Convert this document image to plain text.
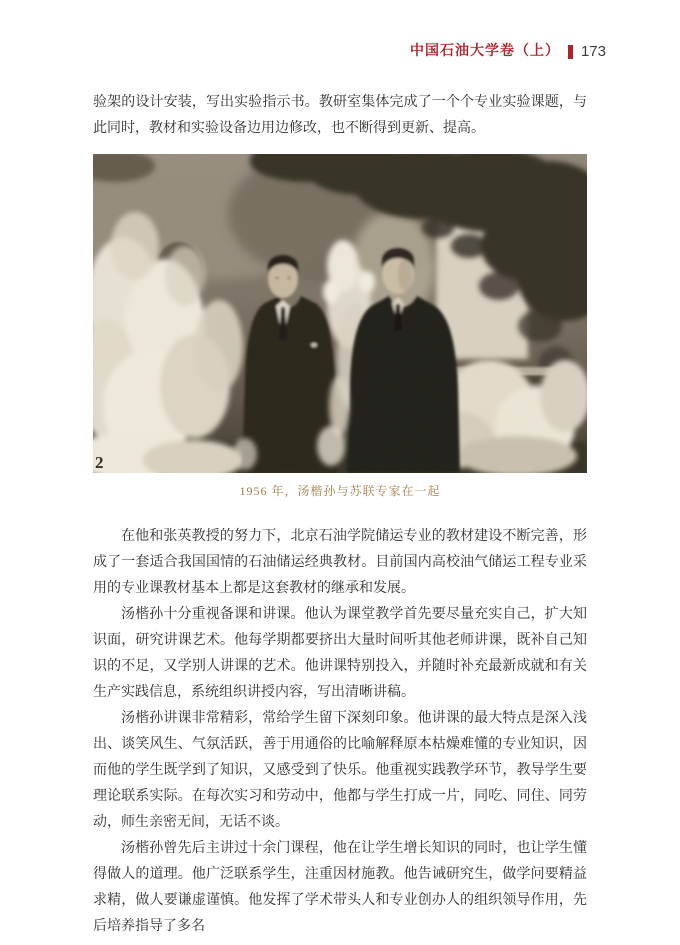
中国石油大学卷（上） 173

验架的设计安装，写出实验指示书。教研室集体完成了一个个专业实验课题，与此同时，教材和实验设备边用边修改，也不断得到更新、提高。

2
1956 年，汤楷孙与苏联专家在一起

在他和张英教授的努力下，北京石油学院储运专业的教材建设不断完善，形成了一套适合我国国情的石油储运经典教材。目前国内高校油气储运工程专业采用的专业课教材基本上都是这套教材的继承和发展。

汤楷孙十分重视备课和讲课。他认为课堂教学首先要尽量充实自己，扩大知识面，研究讲课艺术。他每学期都要挤出大量时间听其他老师讲课，既补自己知识的不足，又学别人讲课的艺术。他讲课特别投入，并随时补充最新成就和有关生产实践信息，系统组织讲授内容，写出清晰讲稿。

汤楷孙讲课非常精彩，常给学生留下深刻印象。他讲课的最大特点是深入浅出、谈笑风生、气氛活跃，善于用通俗的比喻解释原本枯燥难懂的专业知识，因而他的学生既学到了知识，又感受到了快乐。他重视实践教学环节，教导学生要理论联系实际。在每次实习和劳动中，他都与学生打成一片，同吃、同住、同劳动，师生亲密无间，无话不谈。

汤楷孙曾先后主讲过十余门课程，他在让学生增长知识的同时，也让学生懂得做人的道理。他广泛联系学生，注重因材施教。他告诫研究生，做学问要精益求精，做人要谦虚谨慎。他发挥了学术带头人和专业创办人的组织领导作用，先后培养指导了多名
